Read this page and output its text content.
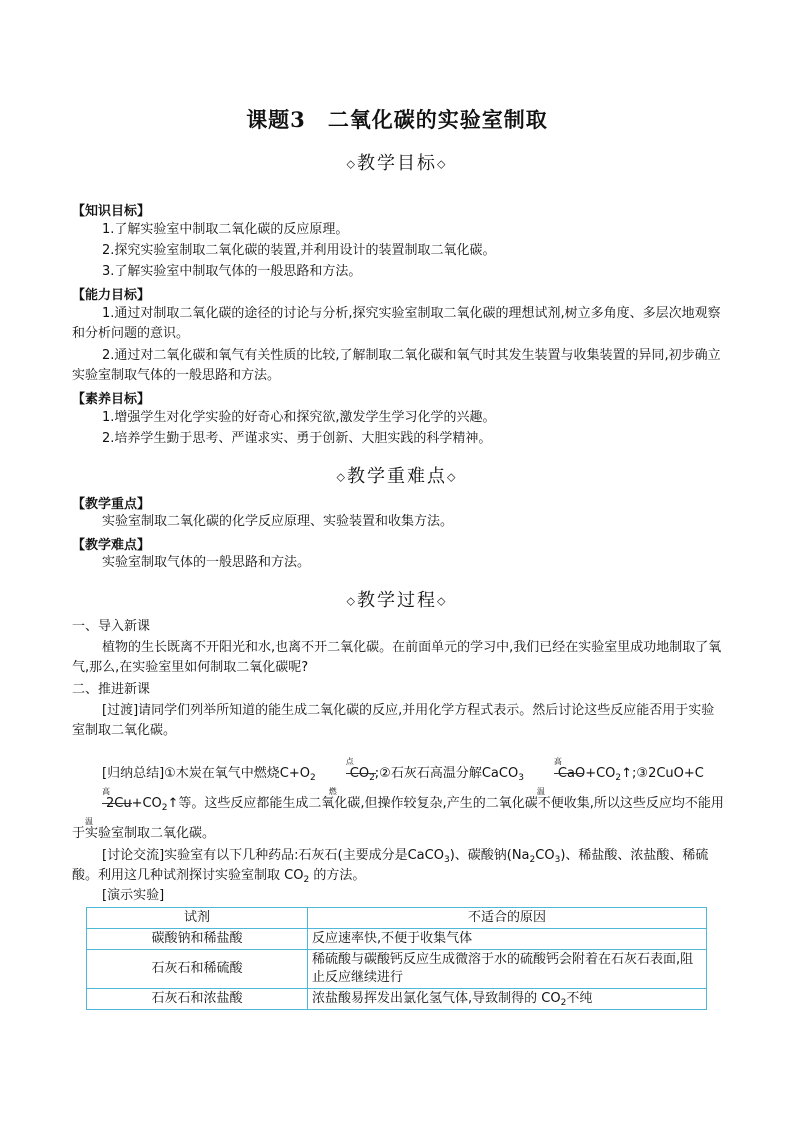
课题3 二氧化碳的实验室制取
◇教学目标◇
【知识目标】
1.了解实验室中制取二氧化碳的反应原理。
2.探究实验室制取二氧化碳的装置,并利用设计的装置制取二氧化碳。
3.了解实验室中制取气体的一般思路和方法。
【能力目标】
1.通过对制取二氧化碳的途径的讨论与分析,探究实验室制取二氧化碳的理想试剂,树立多角度、多层次地观察和分析问题的意识。
2.通过对二氧化碳和氧气有关性质的比较,了解制取二氧化碳和氧气时其发生装置与收集装置的异同,初步确立实验室制取气体的一般思路和方法。
【素养目标】
1.增强学生对化学实验的好奇心和探究欲,激发学生学习化学的兴趣。
2.培养学生勤于思考、严谨求实、勇于创新、大胆实践的科学精神。
◇教学重难点◇
【教学重点】
实验室制取二氧化碳的化学反应原理、实验装置和收集方法。
【教学难点】
实验室制取气体的一般思路和方法。
◇教学过程◇
一、导入新课
植物的生长既离不开阳光和水,也离不开二氧化碳。在前面单元的学习中,我们已经在实验室里成功地制取了氧气,那么,在实验室里如何制取二氧化碳呢?
二、推进新课
[过渡]请同学们列举所知道的能生成二氧化碳的反应,并用化学方程式表示。然后讨论这些反应能否用于实验室制取二氧化碳。
[归纳总结]①木炭在氧气中燃烧$C+O_2$
点燃
$CO_2;②$石灰石高温分解CaCO$_3$
高温
$CaO+CO_2↑;③2CuO+C$
高温
$2Cu+CO_2↑$等。这些反应都能生成二氧化碳,但操作较复杂,产生的二氧化碳不便收集,所以这些反应均不能用于实验室制取二氧化碳。
[讨论交流]实验室有以下几种药品:石灰石(主要成分是CaCO$_3$)、碳酸钠$(Na_2CO_3)$、稀盐酸、浓盐酸、稀硫酸。利用这几种试剂探讨实验室制取 $CO_2$ 的方法。
[演示实验]
试剂	不适合的原因
碳酸钠和稀盐酸	反应速率快,不便于收集气体
石灰石和稀硫酸	稀硫酸与碳酸钙反应生成微溶于水的硫酸钙会附着在石灰石表面,阻止反应继续进行
石灰石和浓盐酸	浓盐酸易挥发出氯化氢气体,导致制得的 $CO_2$不纯
